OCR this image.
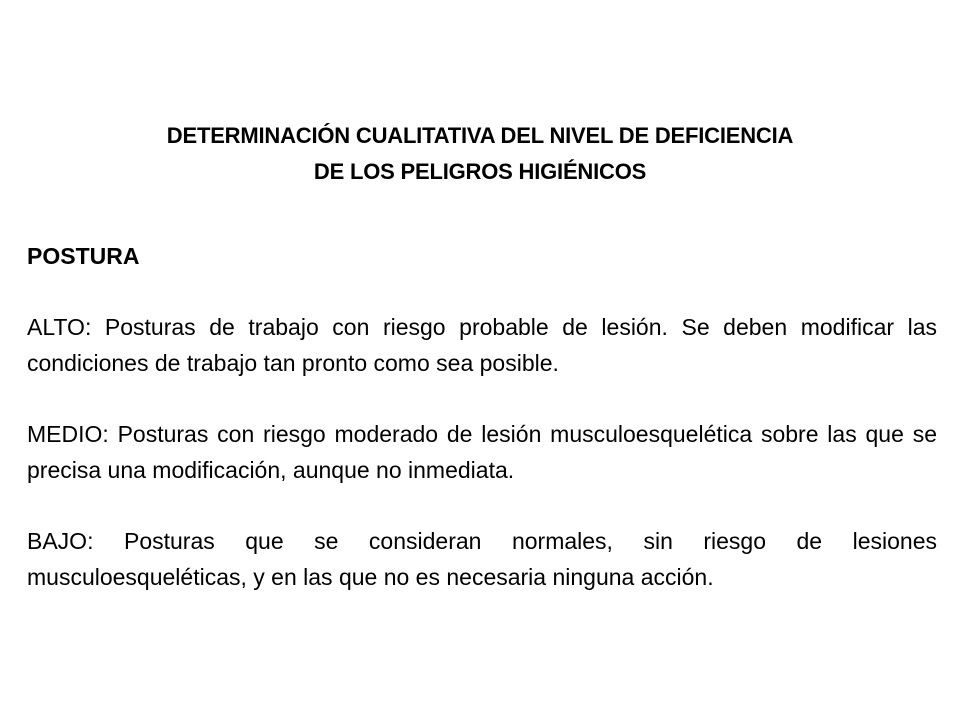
DETERMINACIÓN CUALITATIVA DEL NIVEL DE DEFICIENCIA
DE LOS PELIGROS HIGIÉNICOS
POSTURA

ALTO: Posturas de trabajo con riesgo probable de lesión. Se deben modificar las condiciones de trabajo tan pronto como sea posible.

MEDIO: Posturas con riesgo moderado de lesión musculoesquelética sobre las que se precisa una modificación, aunque no inmediata.

BAJO: Posturas que se consideran normales, sin riesgo de lesiones musculoesqueléticas, y en las que no es necesaria ninguna acción.
